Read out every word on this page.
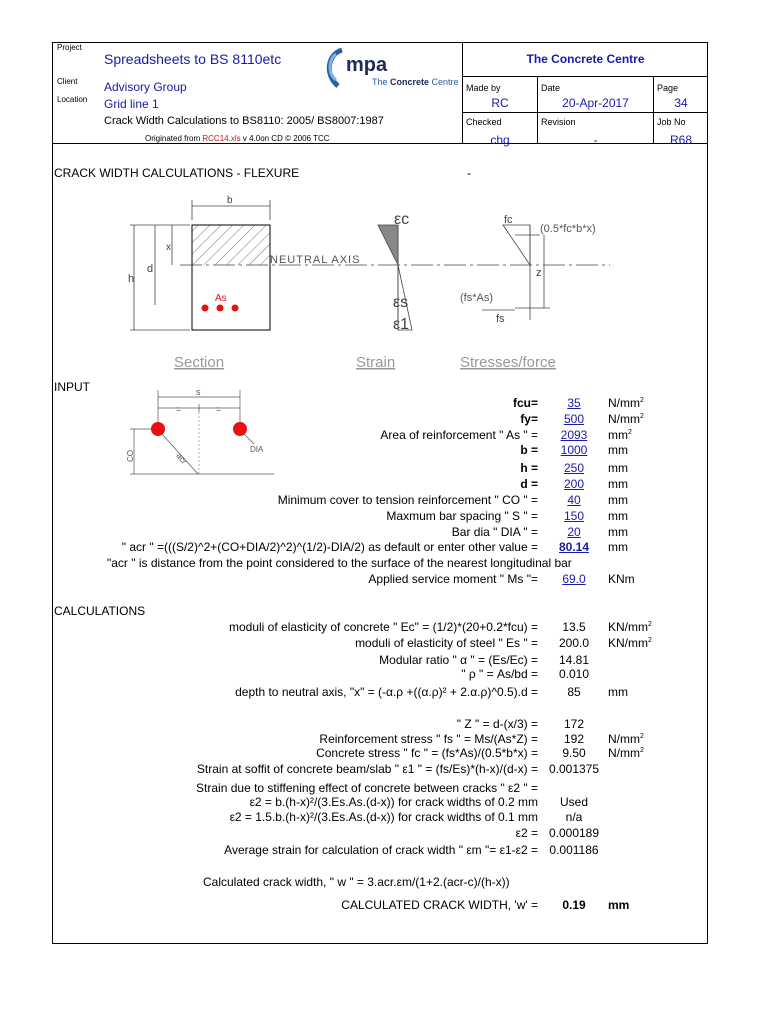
Project
Spreadsheets to BS 8110etc
Client Advisory Group
Location Grid line 1
Crack Width Calculations to BS8110: 2005/ BS8007:1987
Originated from RCC14.xls v 4.0on CD © 2006 TCC
mpa
The Concrete Centre
The Concrete Centre
Made by
RC
Date
20-Apr-2017
Page
34
Checked
chg
Revision
-
Job No
R68
CRACK WIDTH CALCULATIONS - FLEXURE	-
b
h
d
x
As
NEUTRAL AXIS
εc
εs
ε1
z
fc
(0.5*fc*b*x)
(fs*As)
fs
Section	Strain	Stresses/force
s
=	=
CO	acr
DIA
INPUT
fcu=	35	$N/mm^2$
fy=	500	$N/mm^2$
Area of reinforcement " As " =	2093	$mm^2$
b =	1000	mm
h =	250	mm
d =	200	mm
Minimum cover to tension reinforcement " CO " =	40	mm
Maxmum bar spacing " S " =	150	mm
Bar dia " DIA " =	20	mm
" acr " =(((S/2)^2+(CO+DIA/2)^2)^(1/2)-DIA/2) as default or enter other value =	80.14	mm
"acr " is distance from the point considered to the surface of the nearest longitudinal bar
Applied service moment " Ms "=	69.0	KNm
CALCULATIONS
moduli of elasticity of concrete " Ec" = (1/2)*(20+0.2*fcu) =	13.5	$KN/mm^2$
moduli of elasticity of steel " Es " =	200.0	$KN/mm^2$
Modular ratio " α " = (Es/Ec) =	14.81
" ρ " = As/bd =	0.010
depth to neutral axis, "x" = (-α.ρ +((α.ρ)² + 2.α.ρ)^0.5).d =	85	mm
" Z " = d-(x/3) =	172
Reinforcement stress " fs " = Ms/(As*Z) =	192	$N/mm^2$
Concrete stress " fc " = (fs*As)/(0.5*b*x) =	9.50	$N/mm^2$
Strain at soffit of concrete beam/slab " ε1 " = (fs/Es)*(h-x)/(d-x) = 0.001375
Strain due to stiffening effect of concrete between cracks " ε2 " =
ε2 = b.(h-x)²/(3.Es.As.(d-x)) for crack widths of 0.2 mm	Used
ε2 = 1.5.b.(h-x)²/(3.Es.As.(d-x)) for crack widths of 0.1 mm	n/a
ε2 = 0.000189
Average strain for calculation of crack width " εm "= ε1-ε2 = 0.001186
Calculated crack width, " w " = 3.acr.εm/(1+2.(acr-c)/(h-x))
CALCULATED CRACK WIDTH, 'w' =	0.19	mm
